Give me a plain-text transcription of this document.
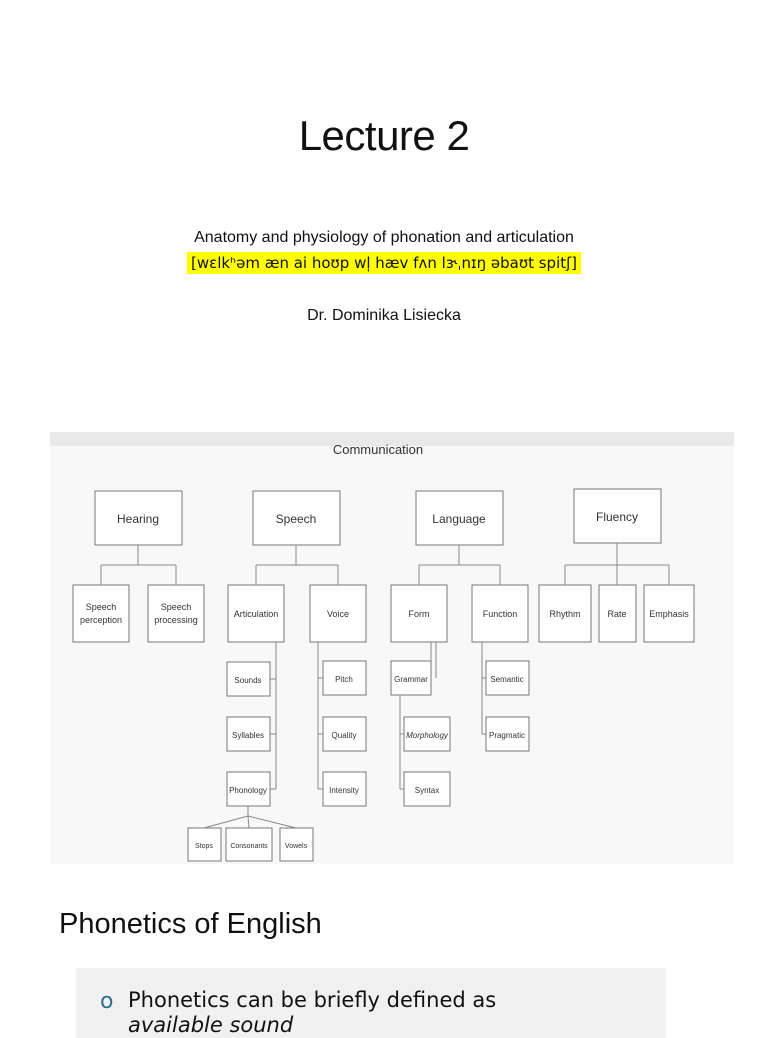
Lecture 2
Anatomy and physiology of phonation and articulation
[wɛlkʰəm æn ai hoʊp wl̩ hæv fʌn lɝˌnɪŋ əbaʊt spitʃ]
Dr. Dominika Lisiecka
Communication
Hearing	Speech	Language	Fluency
Speech
perception
Speech
processing
Articulation	Voice	Form	Function	Rhythm	Rate	Emphasis
Sounds
Syllables
Phonology
Stops Consonants Vowels
Pitch
Quality
Intensity
Grammar
Morphology
Syntax
Semantic
Pragmatic
Phonetics of English
o Phonetics can be briefly defined as
available sound
